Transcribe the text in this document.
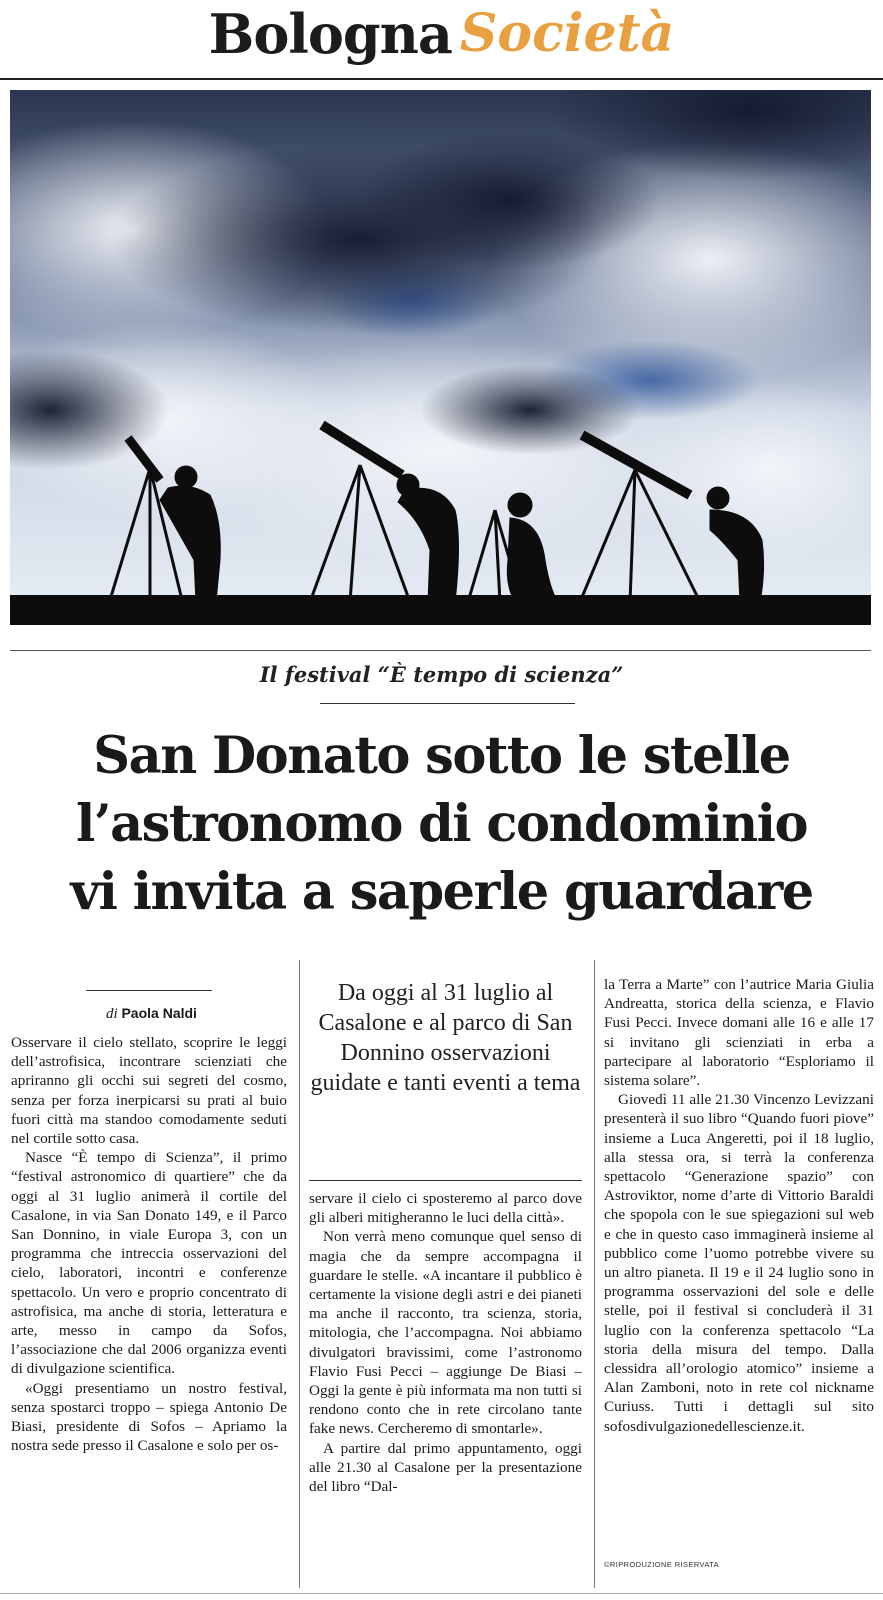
Bologna Società
Il festival “È tempo di scienza”
San Donato sotto le stelle
l’astronomo di condominio
vi invita a saperle guardare
di Paola Naldi

Osservare il cielo stellato, scoprire le leggi dell’astrofisica, incontrare scienziati che apriranno gli occhi sui segreti del cosmo, senza per forza inerpicarsi su prati al buio fuori città ma standoo comodamente seduti nel cortile sotto casa.

Nasce “È tempo di Scienza”, il primo “festival astronomico di quartiere” che da oggi al 31 luglio animerà il cortile del Casalone, in via San Donato 149, e il Parco San Donnino, in viale Europa 3, con un programma che intreccia osservazioni del cielo, laboratori, incontri e conferenze spettacolo. Un vero e proprio concentrato di astrofisica, ma anche di storia, letteratura e arte, messo in campo da Sofos, l’associazione che dal 2006 organizza eventi di divulgazione scientifica.

«Oggi presentiamo un nostro festival, senza spostarci troppo – spiega Antonio De Biasi, presidente di Sofos – Apriamo la nostra sede presso il Casalone e solo per os-

Da oggi al 31 luglio al Casalone e al parco di San Donnino osservazioni guidate e tanti eventi a tema

servare il cielo ci sposteremo al parco dove gli alberi mitigheranno le luci della città».

Non verrà meno comunque quel senso di magia che da sempre accompagna il guardare le stelle. «A incantare il pubblico è certamente la visione degli astri e dei pianeti ma anche il racconto, tra scienza, storia, mitologia, che l’accompagna. Noi abbiamo divulgatori bravissimi, come l’astronomo Flavio Fusi Pecci – aggiunge De Biasi – Oggi la gente è più informata ma non tutti si rendono conto che in rete circolano tante fake news. Cercheremo di smontarle».

A partire dal primo appuntamento, oggi alle 21.30 al Casalone per la presentazione del libro “Dal-

la Terra a Marte” con l’autrice Maria Giulia Andreatta, storica della scienza, e Flavio Fusi Pecci. Invece domani alle 16 e alle 17 si invitano gli scienziati in erba a partecipare al laboratorio “Esploriamo il sistema solare”.

Giovedì 11 alle 21.30 Vincenzo Levizzani presenterà il suo libro “Quando fuori piove” insieme a Luca Angeretti, poi il 18 luglio, alla stessa ora, si terrà la conferenza spettacolo “Generazione spazio” con Astroviktor, nome d’arte di Vittorio Baraldi che spopola con le sue spiegazioni sul web e che in questo caso immaginerà insieme al pubblico come l’uomo potrebbe vivere su un altro pianeta. Il 19 e il 24 luglio sono in programma osservazioni del sole e delle stelle, poi il festival si concluderà il 31 luglio con la conferenza spettacolo “La storia della misura del tempo. Dalla clessidra all’orologio atomico” insieme a Alan Zamboni, noto in rete col nickname Curiuss. Tutti i dettagli sul sito sofosdivulgazionedellescienze.it.

©RIPRODUZIONE RISERVATA
